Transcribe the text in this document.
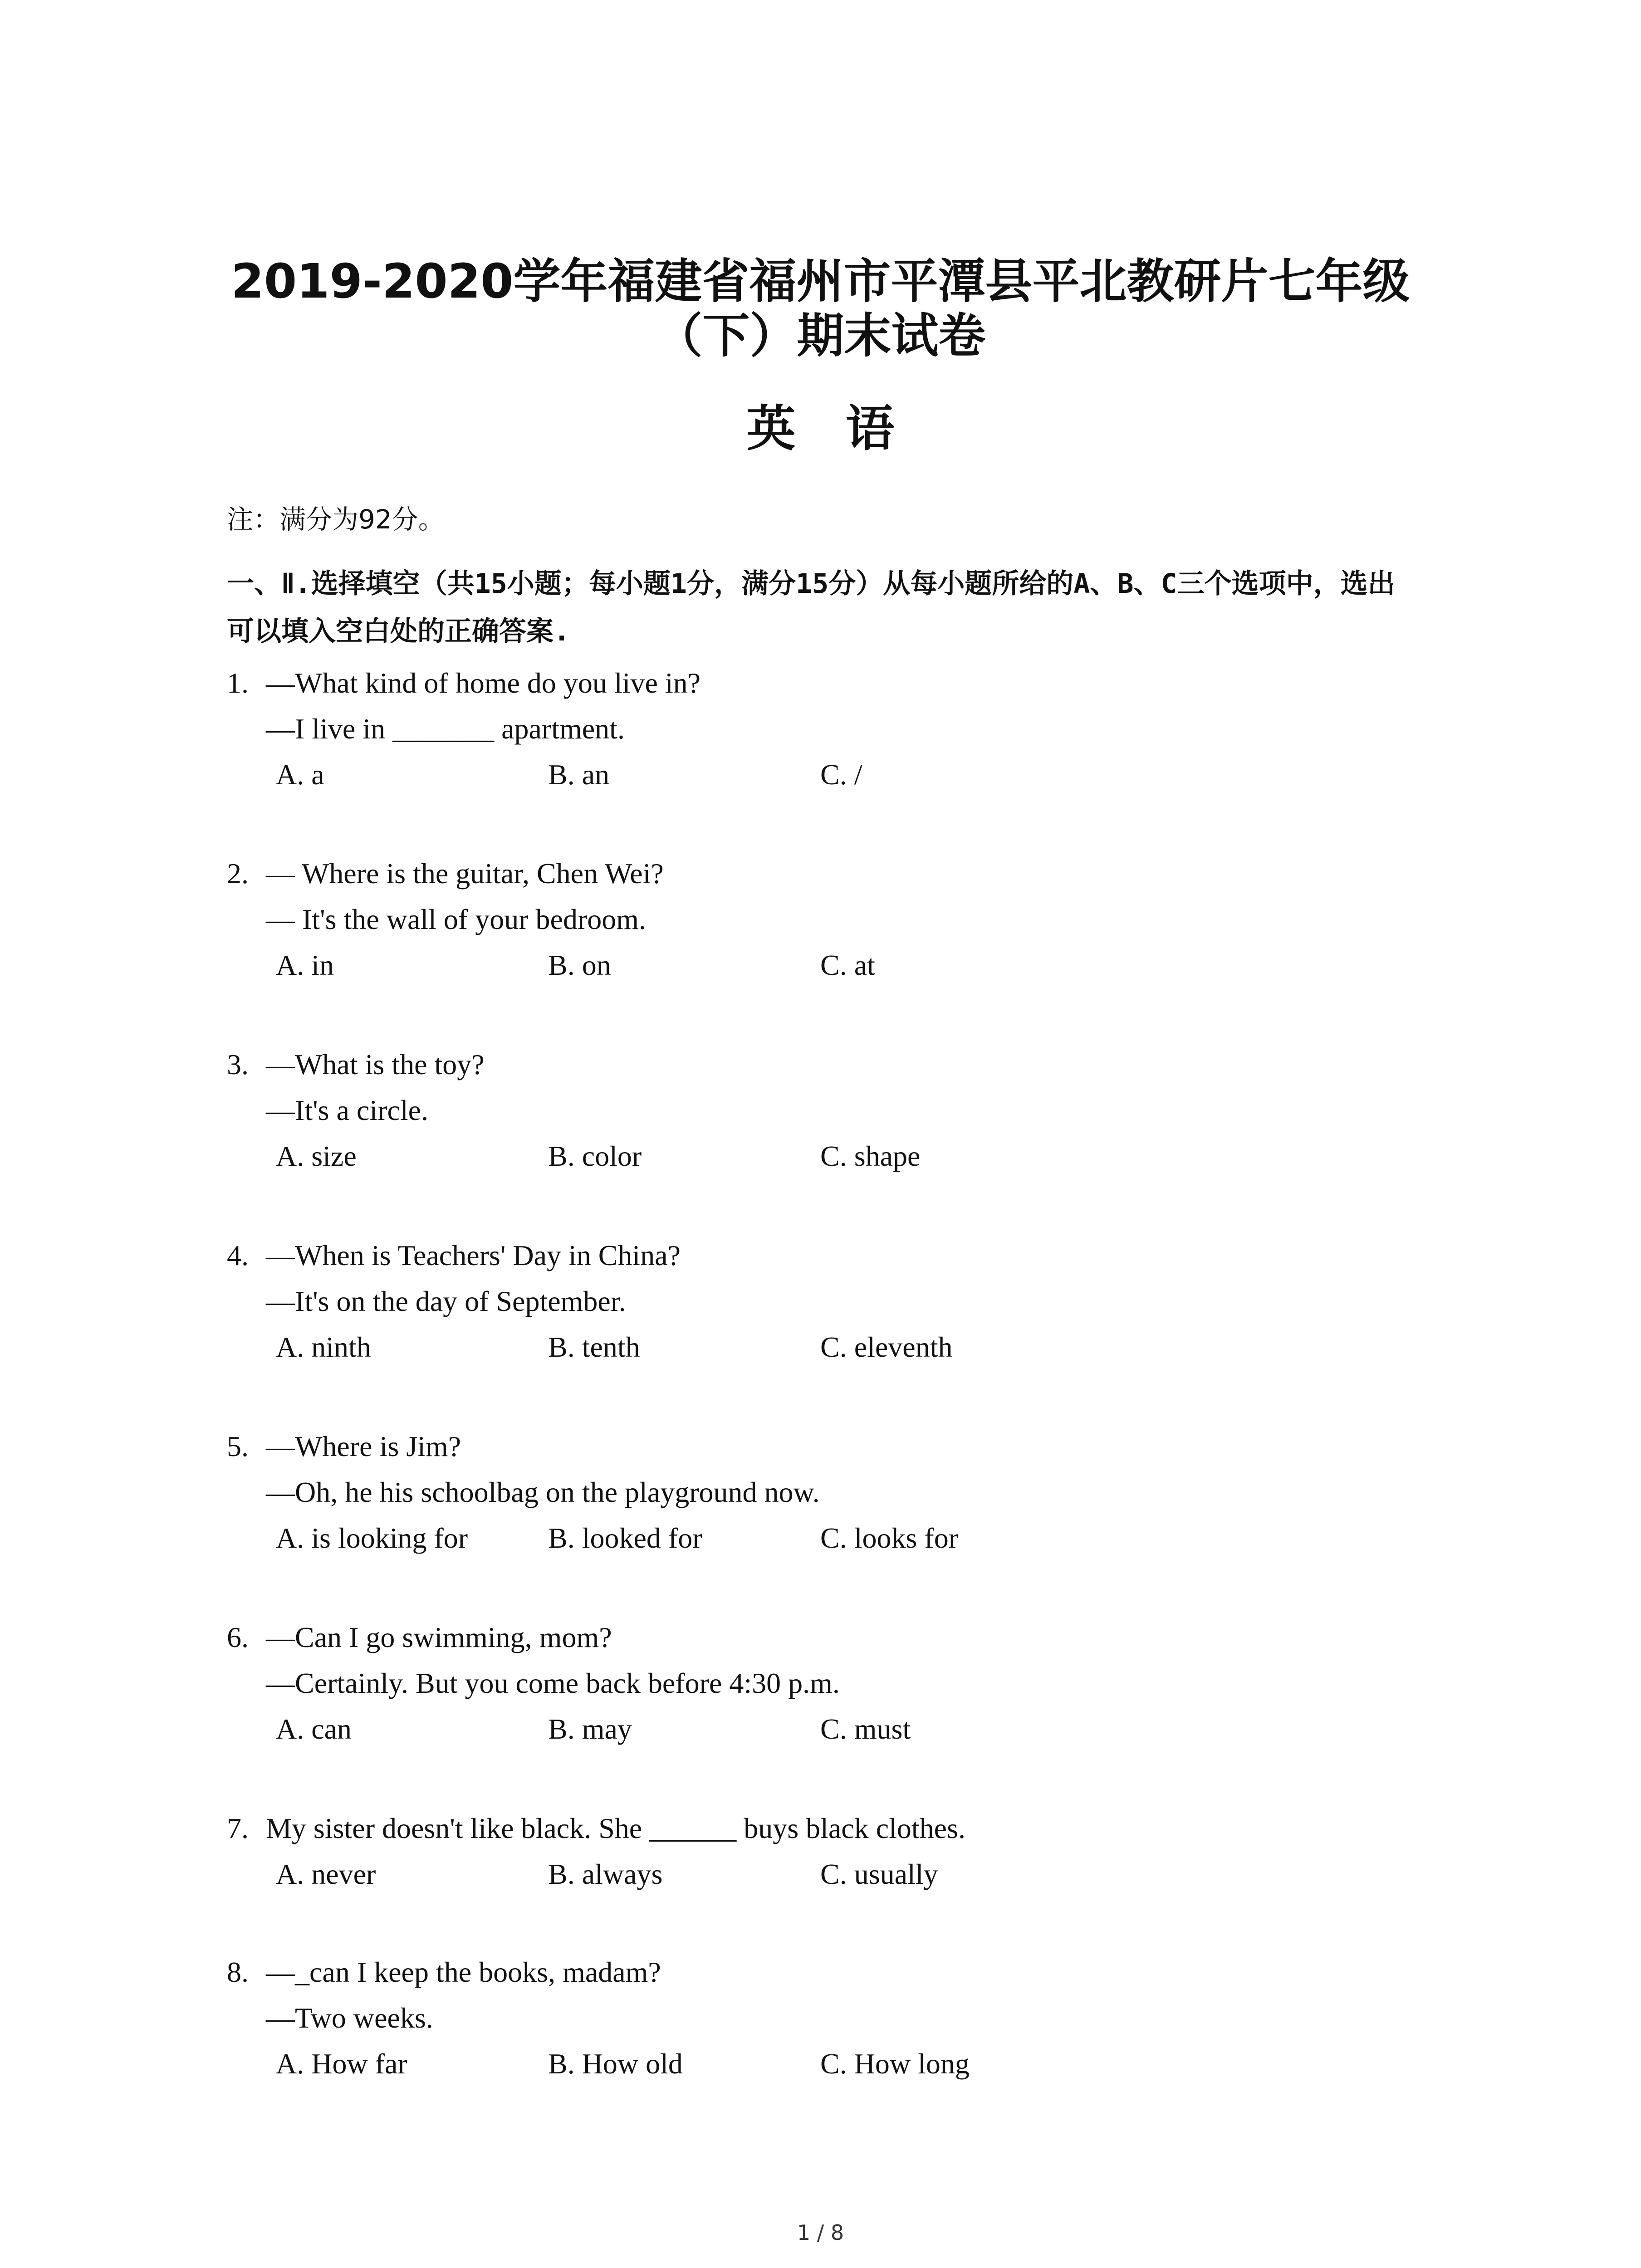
2019-2020学年福建省福州市平潭县平北教研片七年级
（下）期末试卷
英语
注：满分为92分。
一、Ⅱ.选择填空（共15小题；每小题1分，满分15分）从每小题所给的A、B、C三个选项中，选出可以填入空白处的正确答案.
1. —What kind of home do you live in?
—I live in _______ apartment.
A. a	B. an	C. /
2. — Where is the guitar, Chen Wei?
— It's the wall of your bedroom.
A. in	B. on	C. at
3. —What is the toy?
—It's a circle.
A. size	B. color	C. shape
4. —When is Teachers' Day in China?
—It's on the day of September.
A. ninth	B. tenth	C. eleventh
5. —Where is Jim?
—Oh, he his schoolbag on the playground now.
A. is looking for	B. looked for	C. looks for
6. —Can I go swimming, mom?
—Certainly. But you come back before 4:30 p.m.
A. can	B. may	C. must
7. My sister doesn't like black. She ______ buys black clothes.
A. never	B. always	C. usually
8. —_can I keep the books, madam?
—Two weeks.
A. How far	B. How old	C. How long
1 / 8
